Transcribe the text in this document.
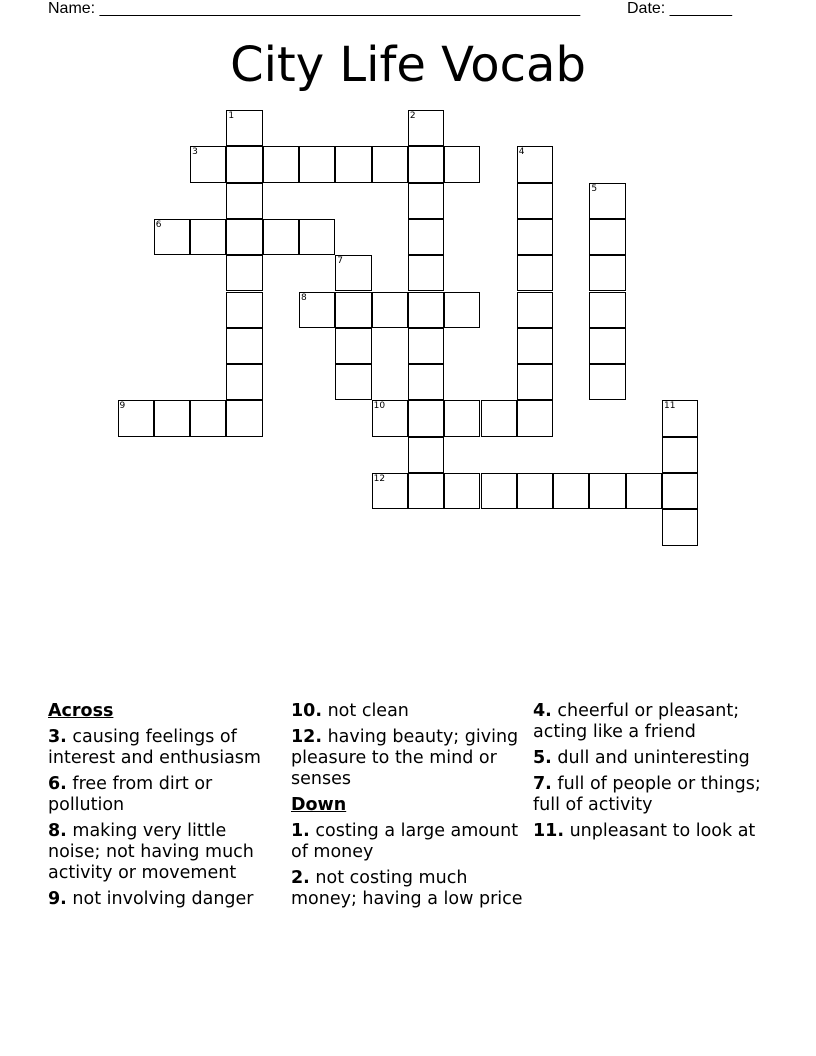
Name: ______________________________________________________	Date: _______
City Life Vocab
1	2
3	4
5
6
7
8
9	10	11
12
Across
3. causing feelings of interest and enthusiasm
6. free from dirt or pollution
8. making very little noise; not having much activity or movement
9. not involving danger
10. not clean
12. having beauty; giving pleasure to the mind or senses
Down
1. costing a large amount of money
2. not costing much money; having a low price
4. cheerful or pleasant; acting like a friend
5. dull and uninteresting
7. full of people or things; full of activity
11. unpleasant to look at
